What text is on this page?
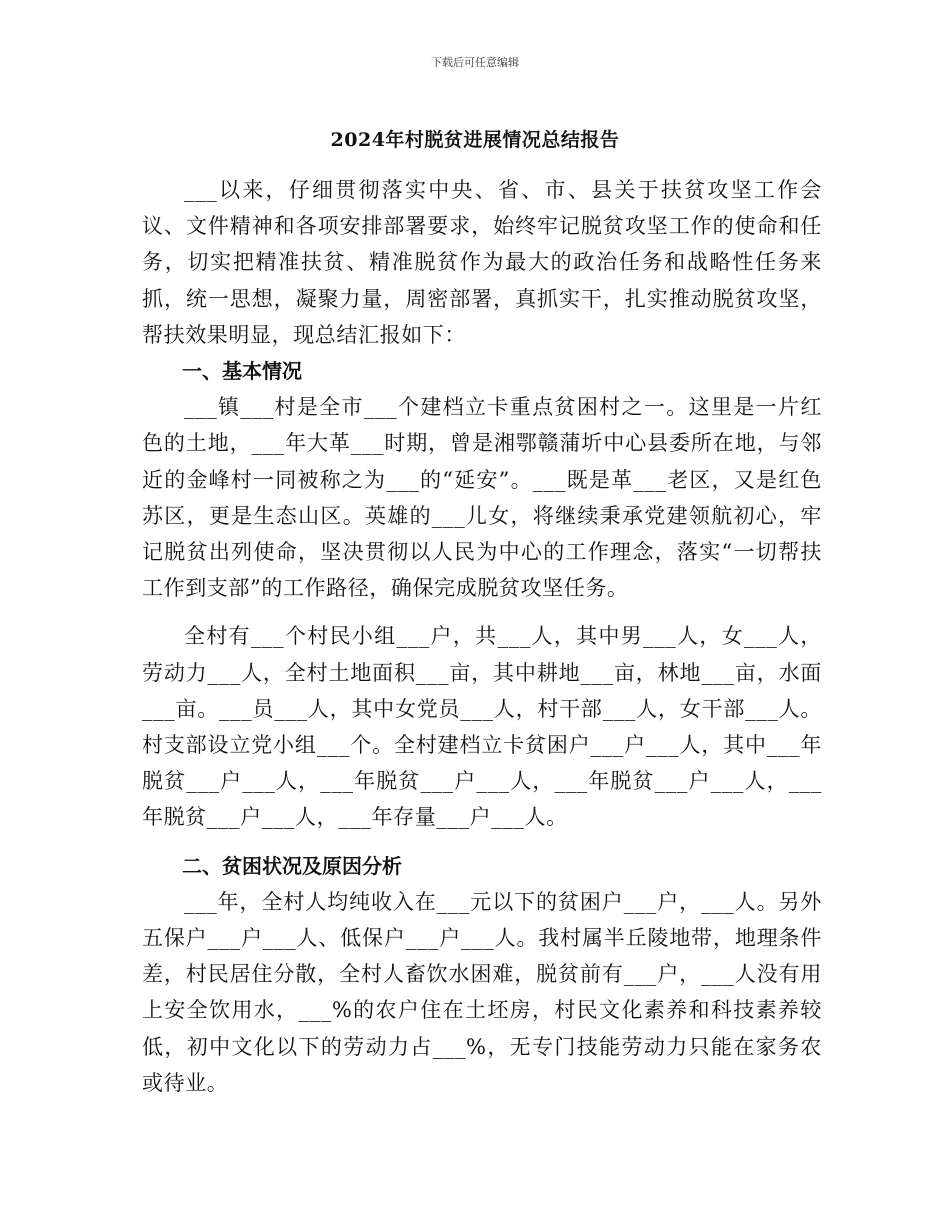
下载后可任意编辑
2024年村脱贫进展情况总结报告

___以来，仔细贯彻落实中央、省、市、县关于扶贫攻坚工作会议、文件精神和各项安排部署要求，始终牢记脱贫攻坚工作的使命和任务，切实把精准扶贫、精准脱贫作为最大的政治任务和战略性任务来抓，统一思想，凝聚力量，周密部署，真抓实干，扎实推动脱贫攻坚，帮扶效果明显，现总结汇报如下：

一、基本情况

___镇___村是全市___个建档立卡重点贫困村之一。这里是一片红色的土地，___年大革___时期，曾是湘鄂赣蒲圻中心县委所在地，与邻近的金峰村一同被称之为___的“延安”。___既是革___老区，又是红色苏区，更是生态山区。英雄的___儿女，将继续秉承党建领航初心，牢记脱贫出列使命，坚决贯彻以人民为中心的工作理念，落实“一切帮扶工作到支部”的工作路径，确保完成脱贫攻坚任务。

全村有___个村民小组___户，共___人，其中男___人，女___人，劳动力___人，全村土地面积___亩，其中耕地___亩，林地___亩，水面___亩。___员___人，其中女党员___人，村干部___人，女干部___人。村支部设立党小组___个。全村建档立卡贫困户___户___人，其中___年脱贫___户___人，___年脱贫___户___人，___年脱贫___户___人，___年脱贫___户___人，___年存量___户___人。

二、贫困状况及原因分析

___年，全村人均纯收入在___元以下的贫困户___户，___人。另外五保户___户___人、低保户___户___人。我村属半丘陵地带，地理条件差，村民居住分散，全村人畜饮水困难，脱贫前有___户，___人没有用上安全饮用水，___%的农户住在土坯房，村民文化素养和科技素养较低，初中文化以下的劳动力占___%，无专门技能劳动力只能在家务农或待业。
